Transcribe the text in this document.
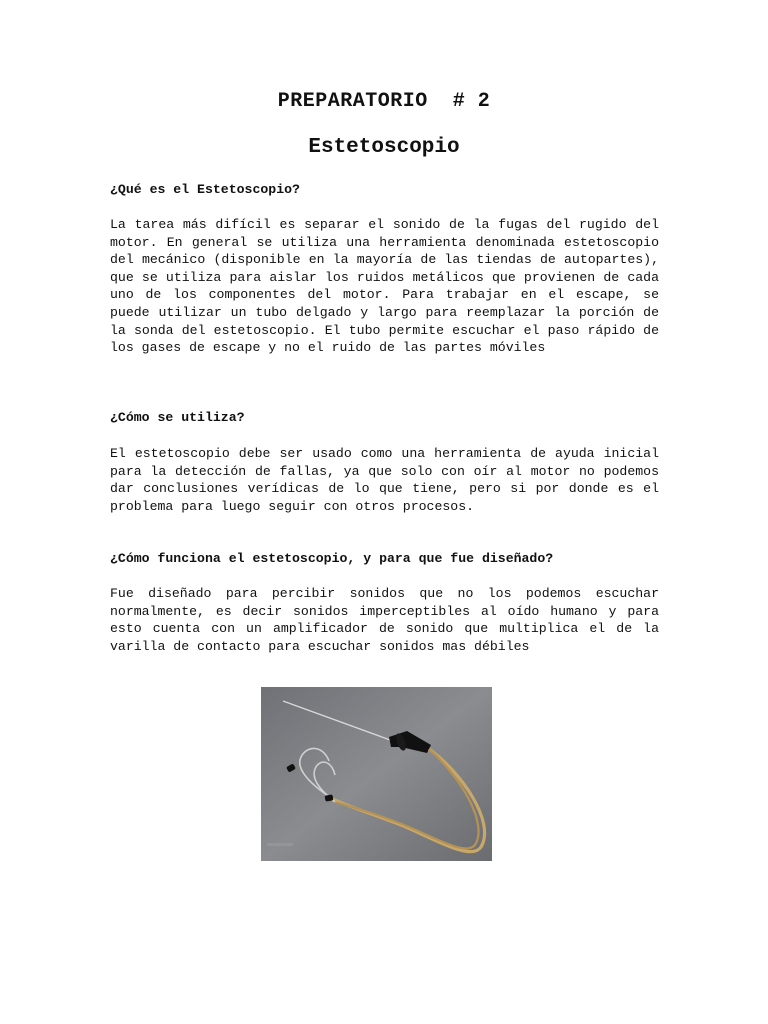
PREPARATORIO  # 2
Estetoscopio
¿Qué es el Estetoscopio?
La tarea más difícil es separar el sonido de la fugas del rugido del motor. En general se utiliza una herramienta denominada estetoscopio del mecánico (disponible en la mayoría de las tiendas de autopartes), que se utiliza para aislar los ruidos metálicos que provienen de cada uno de los componentes del motor. Para trabajar en el escape, se puede utilizar un tubo delgado y largo para reemplazar la porción de la sonda del estetoscopio. El tubo permite escuchar el paso rápido de los gases de escape y no el ruido de las partes móviles
¿Cómo se utiliza?
El estetoscopio debe ser usado como una herramienta de ayuda inicial para la detección de fallas, ya que solo con oír al motor no podemos dar conclusiones verídicas de lo que tiene, pero si por donde es el problema para luego seguir con otros procesos.
¿Cómo funciona el estetoscopio, y para que fue diseñado?
Fue diseñado para percibir sonidos que no los podemos escuchar normalmente, es decir sonidos imperceptibles al oído humano y para esto cuenta con un amplificador de sonido que multiplica el de la varilla de contacto para escuchar sonidos mas débiles
